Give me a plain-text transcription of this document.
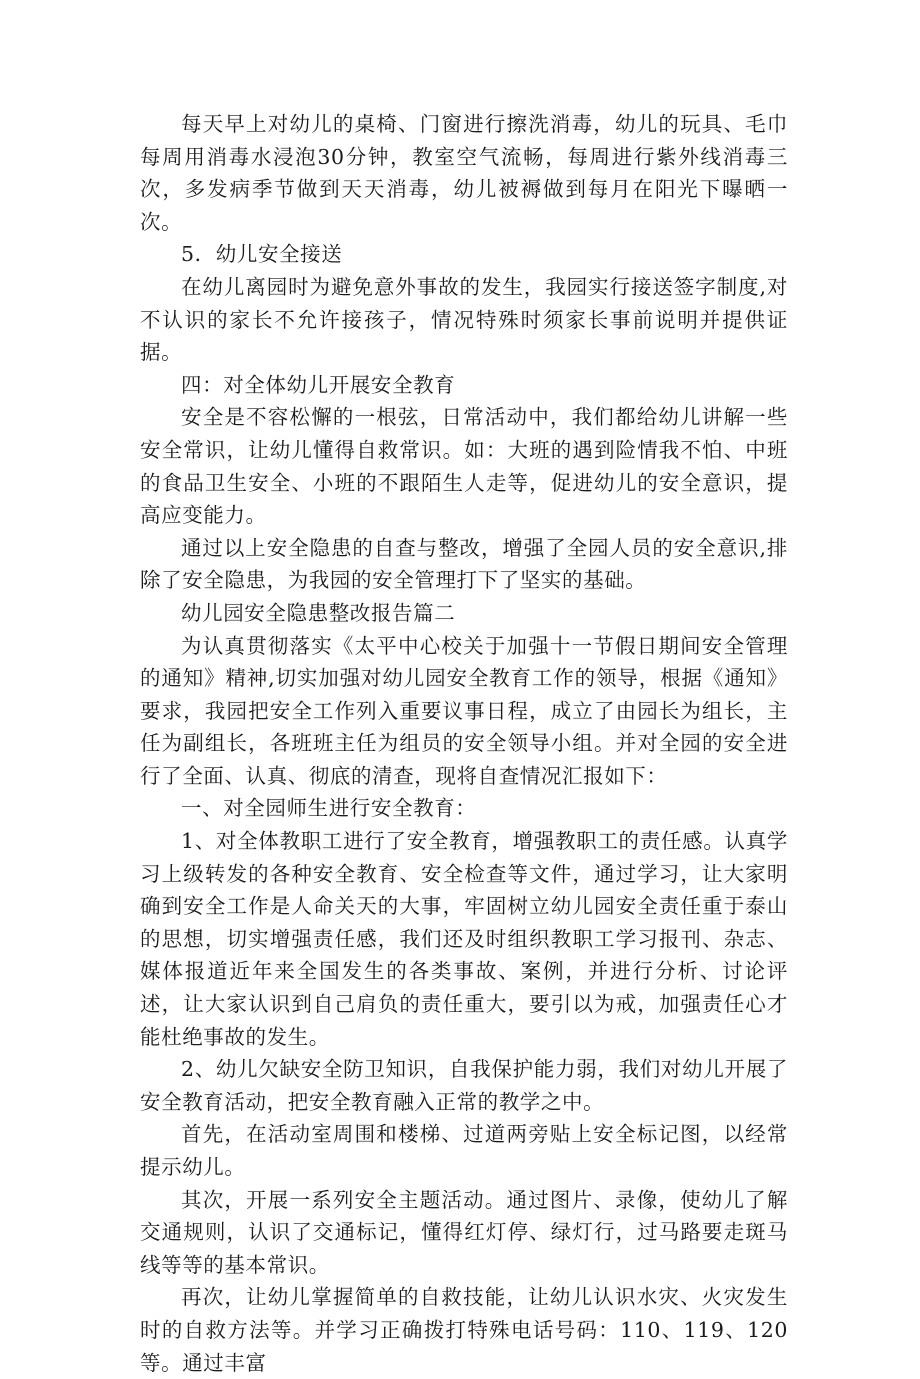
每天早上对幼儿的桌椅、门窗进行擦洗消毒，幼儿的玩具、毛巾每周用消毒水浸泡30分钟，教室空气流畅，每周进行紫外线消毒三次，多发病季节做到天天消毒，幼儿被褥做到每月在阳光下曝晒一次。

5．幼儿安全接送

在幼儿离园时为避免意外事故的发生，我园实行接送签字制度,对不认识的家长不允许接孩子，情况特殊时须家长事前说明并提供证据。

四：对全体幼儿开展安全教育

安全是不容松懈的一根弦，日常活动中，我们都给幼儿讲解一些安全常识，让幼儿懂得自救常识。如：大班的遇到险情我不怕、中班的食品卫生安全、小班的不跟陌生人走等，促进幼儿的安全意识，提高应变能力。

通过以上安全隐患的自查与整改，增强了全园人员的安全意识,排除了安全隐患，为我园的安全管理打下了坚实的基础。

幼儿园安全隐患整改报告篇二

为认真贯彻落实《太平中心校关于加强十一节假日期间安全管理的通知》精神,切实加强对幼儿园安全教育工作的领导，根据《通知》要求，我园把安全工作列入重要议事日程，成立了由园长为组长，主任为副组长，各班班主任为组员的安全领导小组。并对全园的安全进行了全面、认真、彻底的清查，现将自查情况汇报如下：

一、对全园师生进行安全教育：

1、对全体教职工进行了安全教育，增强教职工的责任感。认真学习上级转发的各种安全教育、安全检查等文件，通过学习，让大家明确到安全工作是人命关天的大事，牢固树立幼儿园安全责任重于泰山的思想，切实增强责任感，我们还及时组织教职工学习报刊、杂志、媒体报道近年来全国发生的各类事故、案例，并进行分析、讨论评述，让大家认识到自己肩负的责任重大，要引以为戒，加强责任心才能杜绝事故的发生。

2、幼儿欠缺安全防卫知识，自我保护能力弱，我们对幼儿开展了安全教育活动，把安全教育融入正常的教学之中。

首先，在活动室周围和楼梯、过道两旁贴上安全标记图，以经常提示幼儿。

其次，开展一系列安全主题活动。通过图片、录像，使幼儿了解交通规则，认识了交通标记，懂得红灯停、绿灯行，过马路要走斑马线等等的基本常识。

再次，让幼儿掌握简单的自救技能，让幼儿认识水灾、火灾发生时的自救方法等。并学习正确拨打特殊电话号码：110、119、120等。通过丰富
